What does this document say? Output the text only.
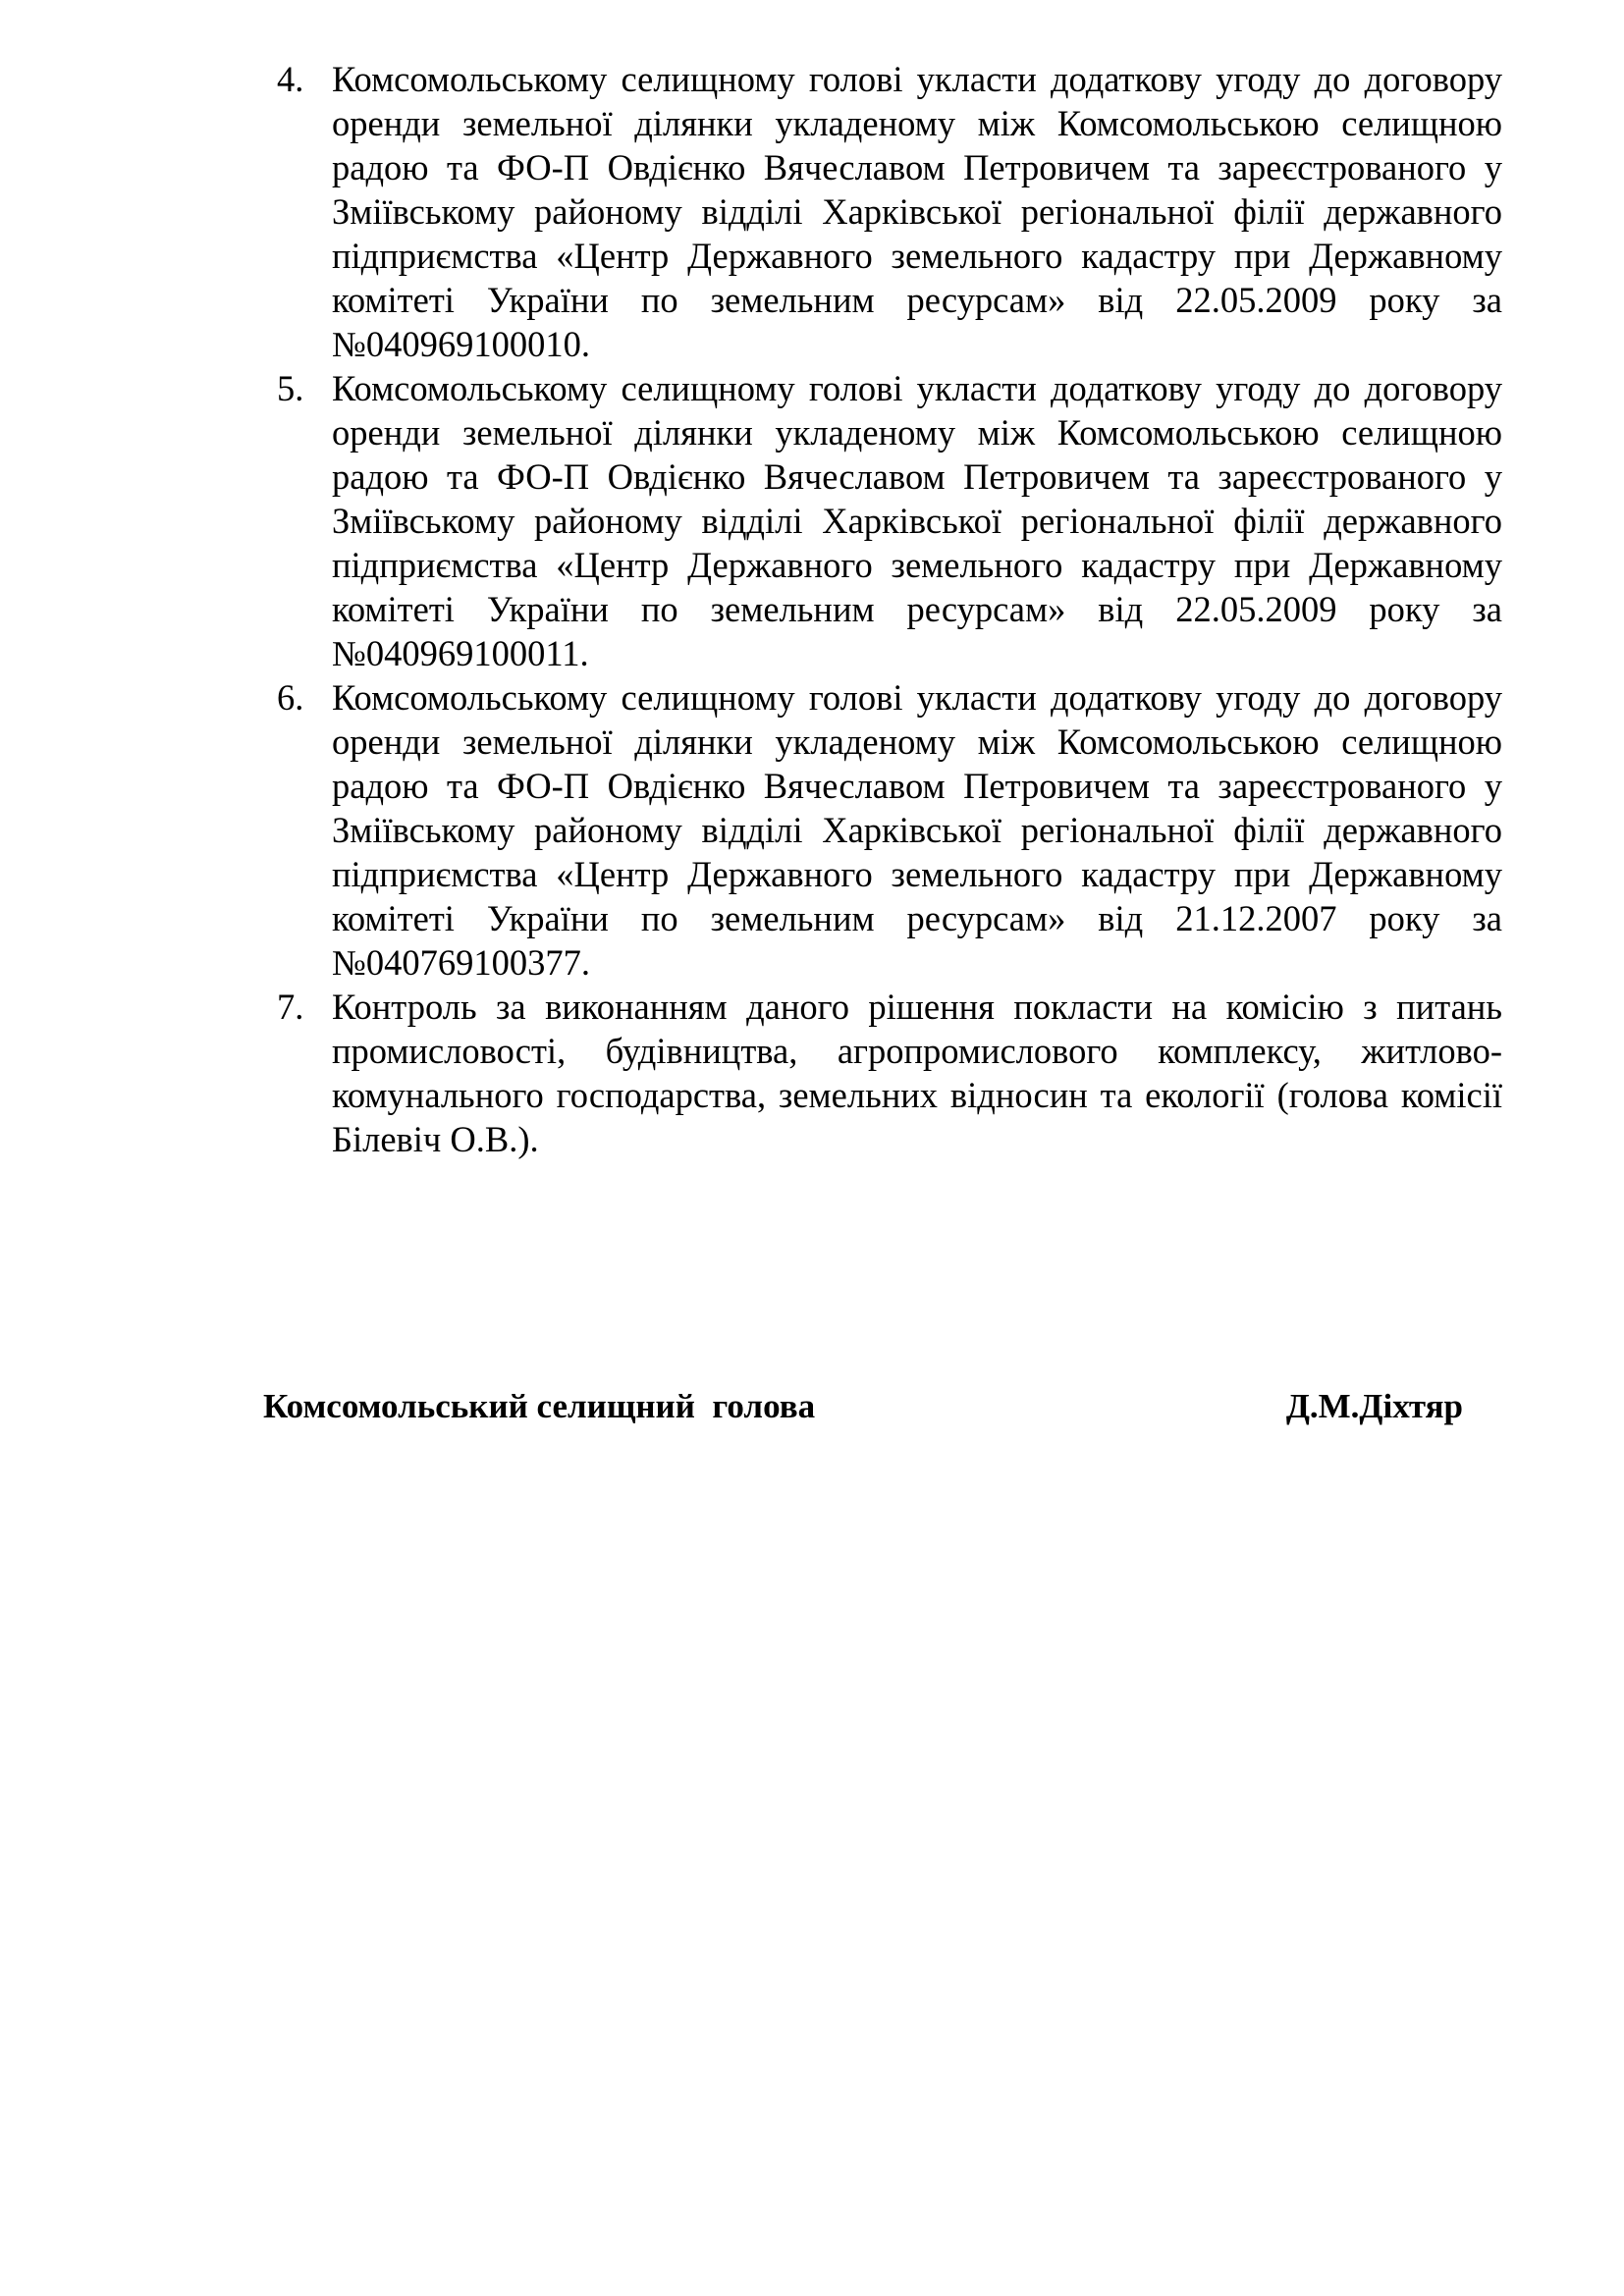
4. Комсомольському селищному голові укласти додаткову угоду до договору оренди земельної ділянки укладеному між Комсомольською селищною радою та ФО-П Овдієнко Вячеславом Петровичем та зареєстрованого у Зміївському районому відділі Харківської регіональної філії державного підприємства «Центр Державного земельного кадастру при Державному комітеті України по земельним ресурсам» від 22.05.2009 року за №040969100010.
5. Комсомольському селищному голові укласти додаткову угоду до договору оренди земельної ділянки укладеному між Комсомольською селищною радою та ФО-П Овдієнко Вячеславом Петровичем та зареєстрованого у Зміївському районому відділі Харківської регіональної філії державного підприємства «Центр Державного земельного кадастру при Державному комітеті України по земельним ресурсам» від 22.05.2009 року за №040969100011.
6. Комсомольському селищному голові укласти додаткову угоду до договору оренди земельної ділянки укладеному між Комсомольською селищною радою та ФО-П Овдієнко Вячеславом Петровичем та зареєстрованого у Зміївському районому відділі Харківської регіональної філії державного підприємства «Центр Державного земельного кадастру при Державному комітеті України по земельним ресурсам» від 21.12.2007 року за №040769100377.
7. Контроль за виконанням даного рішення покласти на комісію з питань промисловості, будівництва, агропромислового комплексу, житлово-комунального господарства, земельних відносин та екології (голова комісії Білевіч О.В.).
Комсомольський селищний  голова	Д.М.Діхтяр
